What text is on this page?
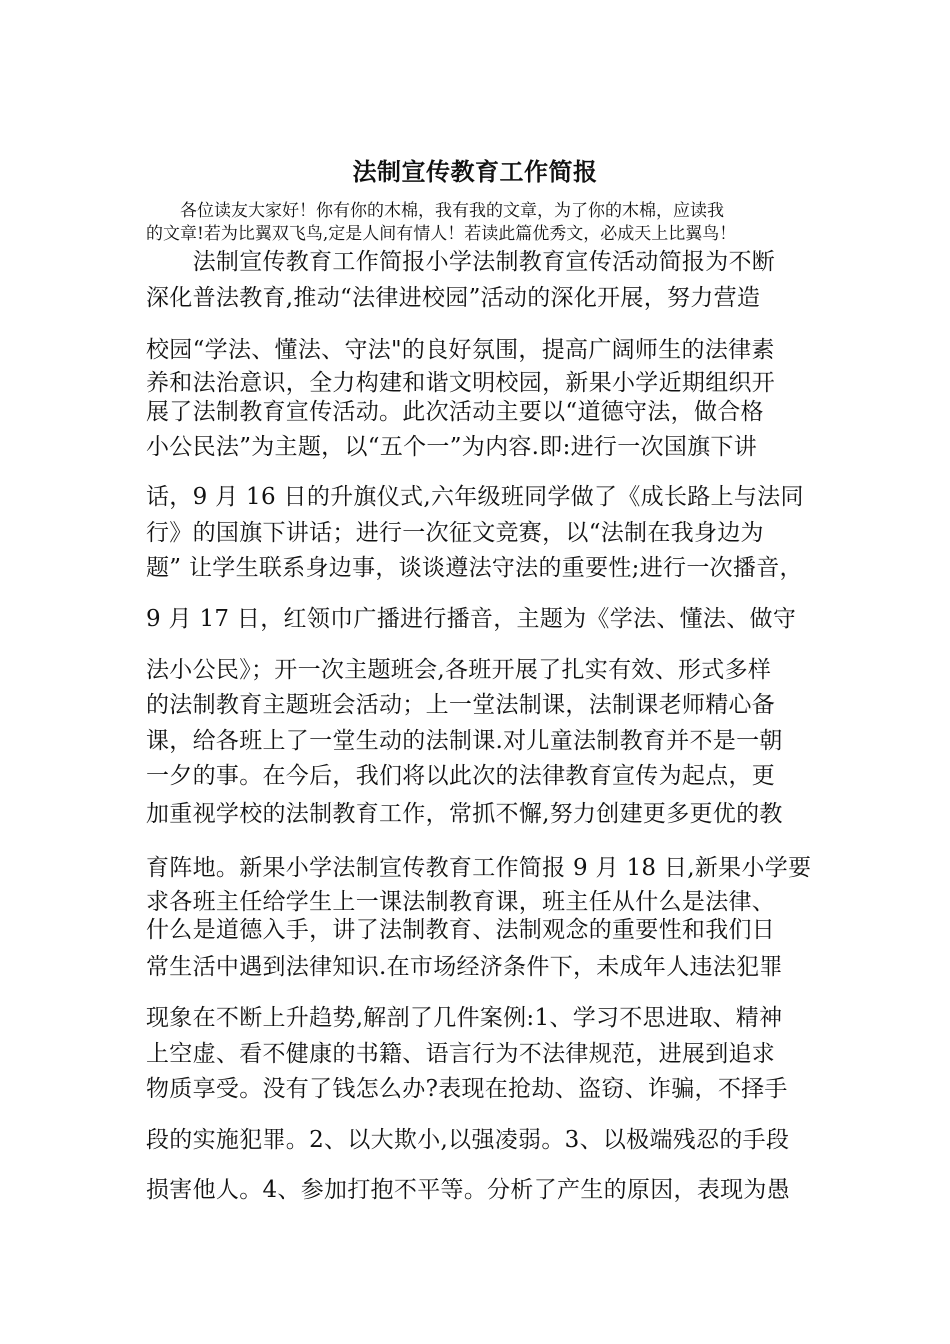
法制宣传教育工作简报
各位读友大家好！你有你的木棉，我有我的文章，为了你的木棉，应读我
的文章!若为比翼双飞鸟,定是人间有情人！若读此篇优秀文，必成天上比翼鸟！
　　法制宣传教育工作简报小学法制教育宣传活动简报为不断
深化普法教育,推动“法律进校园”活动的深化开展，努力营造
校园“学法、懂法、守法"的良好氛围，提高广阔师生的法律素
养和法治意识，全力构建和谐文明校园，新果小学近期组织开
展了法制教育宣传活动。此次活动主要以“道德守法，做合格
小公民法”为主题，以“五个一”为内容.即:进行一次国旗下讲
话，9 月 16 日的升旗仪式,六年级班同学做了《成长路上与法同
行》的国旗下讲话；进行一次征文竞赛，以“法制在我身边为
题” 让学生联系身边事，谈谈遵法守法的重要性;进行一次播音，
9 月 17 日，红领巾广播进行播音，主题为《学法、懂法、做守
法小公民》；开一次主题班会,各班开展了扎实有效、形式多样
的法制教育主题班会活动；上一堂法制课，法制课老师精心备
课，给各班上了一堂生动的法制课.对儿童法制教育并不是一朝
一夕的事。在今后，我们将以此次的法律教育宣传为起点，更
加重视学校的法制教育工作，常抓不懈,努力创建更多更优的教
育阵地。新果小学法制宣传教育工作简报 9 月 18 日,新果小学要
求各班主任给学生上一课法制教育课，班主任从什么是法律、
什么是道德入手，讲了法制教育、法制观念的重要性和我们日
常生活中遇到法律知识.在市场经济条件下，未成年人违法犯罪
现象在不断上升趋势,解剖了几件案例:1、学习不思进取、精神
上空虚、看不健康的书籍、语言行为不法律规范，进展到追求
物质享受。没有了钱怎么办?表现在抢劫、盗窃、诈骗，不择手
段的实施犯罪。2、以大欺小,以强凌弱。3、以极端残忍的手段
损害他人。4、参加打抱不平等。分析了产生的原因，表现为愚
